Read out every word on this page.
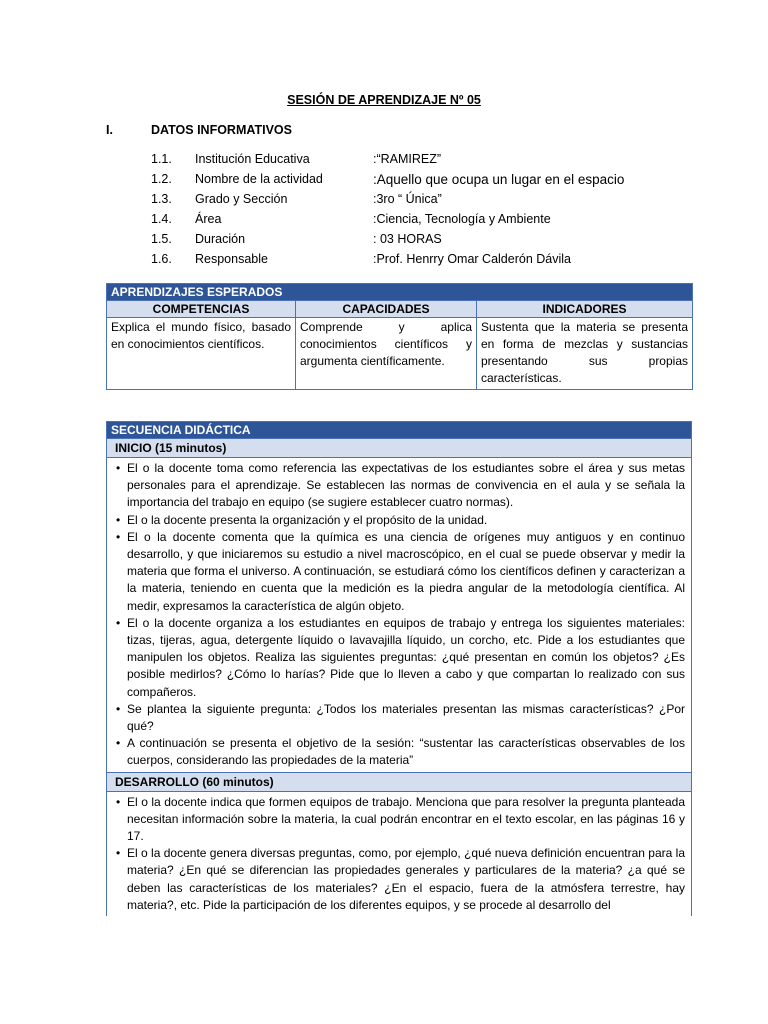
SESIÓN DE APRENDIZAJE Nº 05
I.	DATOS INFORMATIVOS
1.1. Institución Educativa	:“RAMIREZ”
1.2. Nombre de la actividad	:Aquello que ocupa un lugar en el espacio
1.3. Grado y Sección	:3ro “ Única”
1.4. Área	:Ciencia, Tecnología y Ambiente
1.5. Duración	: 03 HORAS
1.6. Responsable	:Prof. Henrry Omar Calderón Dávila
APRENDIZAJES ESPERADOS		
COMPETENCIAS	CAPACIDADES	INDICADORES
Explica el mundo físico, basado en conocimientos científicos.	Comprende y aplica conocimientos científicos y argumenta científicamente.	Sustenta que la materia se presenta en forma de mezclas y sustancias presentando sus propias características.
SECUENCIA DIDÁCTICA
INICIO (15 minutos)

• El o la docente toma como referencia las expectativas de los estudiantes sobre el área y sus metas personales para el aprendizaje. Se establecen las normas de convivencia en el aula y se señala la importancia del trabajo en equipo (se sugiere establecer cuatro normas).
• El o la docente presenta la organización y el propósito de la unidad.
• El o la docente comenta que la química es una ciencia de orígenes muy antiguos y en continuo desarrollo, y que iniciaremos su estudio a nivel macroscópico, en el cual se puede observar y medir la materia que forma el universo. A continuación, se estudiará cómo los científicos definen y caracterizan a la materia, teniendo en cuenta que la medición es la piedra angular de la metodología científica. Al medir, expresamos la característica de algún objeto.
• El o la docente organiza a los estudiantes en equipos de trabajo y entrega los siguientes materiales: tizas, tijeras, agua, detergente líquido o lavavajilla líquido, un corcho, etc. Pide a los estudiantes que manipulen los objetos. Realiza las siguientes preguntas: ¿qué presentan en común los objetos? ¿Es posible medirlos? ¿Cómo lo harías? Pide que lo lleven a cabo y que compartan lo realizado con sus compañeros.
• Se plantea la siguiente pregunta: ¿Todos los materiales presentan las mismas características? ¿Por qué?
• A continuación se presenta el objetivo de la sesión: “sustentar las características observables de los cuerpos, considerando las propiedades de la materia”

DESARROLLO (60 minutos)

• El o la docente indica que formen equipos de trabajo. Menciona que para resolver la pregunta planteada necesitan información sobre la materia, la cual podrán encontrar en el texto escolar, en las páginas 16 y 17.
• El o la docente genera diversas preguntas, como, por ejemplo, ¿qué nueva definición encuentran para la materia? ¿En qué se diferencian las propiedades generales y particulares de la materia? ¿a qué se deben las características de los materiales? ¿En el espacio, fuera de la atmósfera terrestre, hay materia?, etc. Pide la participación de los diferentes equipos, y se procede al desarrollo del
